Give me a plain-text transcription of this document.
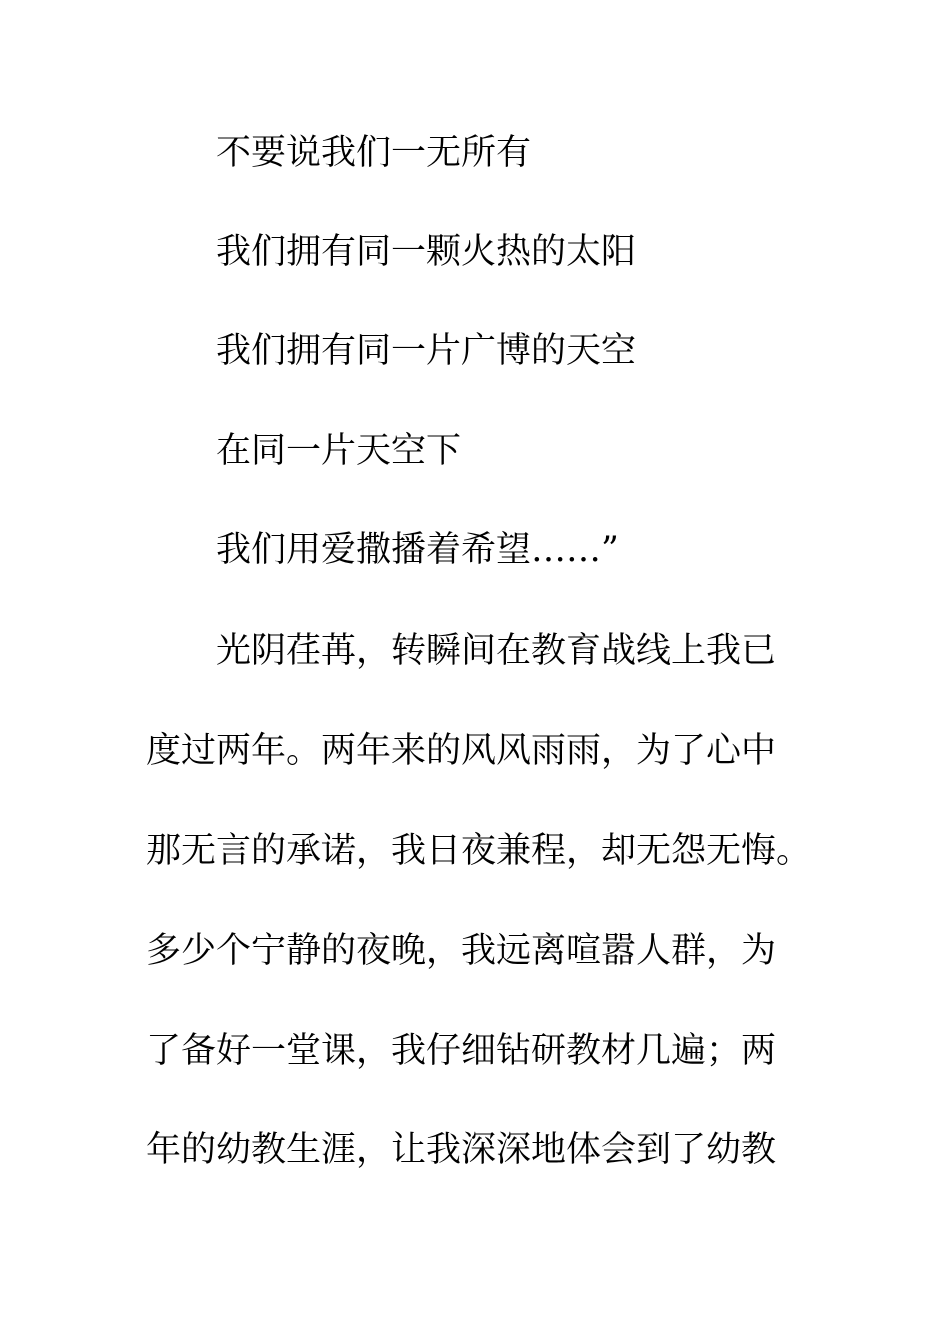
不要说我们一无所有
我们拥有同一颗火热的太阳
我们拥有同一片广博的天空
在同一片天空下
我们用爱撒播着希望……”
光阴荏苒，转瞬间在教育战线上我已
度过两年。两年来的风风雨雨，为了心中
那无言的承诺，我日夜兼程，却无怨无悔。
多少个宁静的夜晚，我远离喧嚣人群，为
了备好一堂课，我仔细钻研教材几遍；两
年的幼教生涯，让我深深地体会到了幼教
